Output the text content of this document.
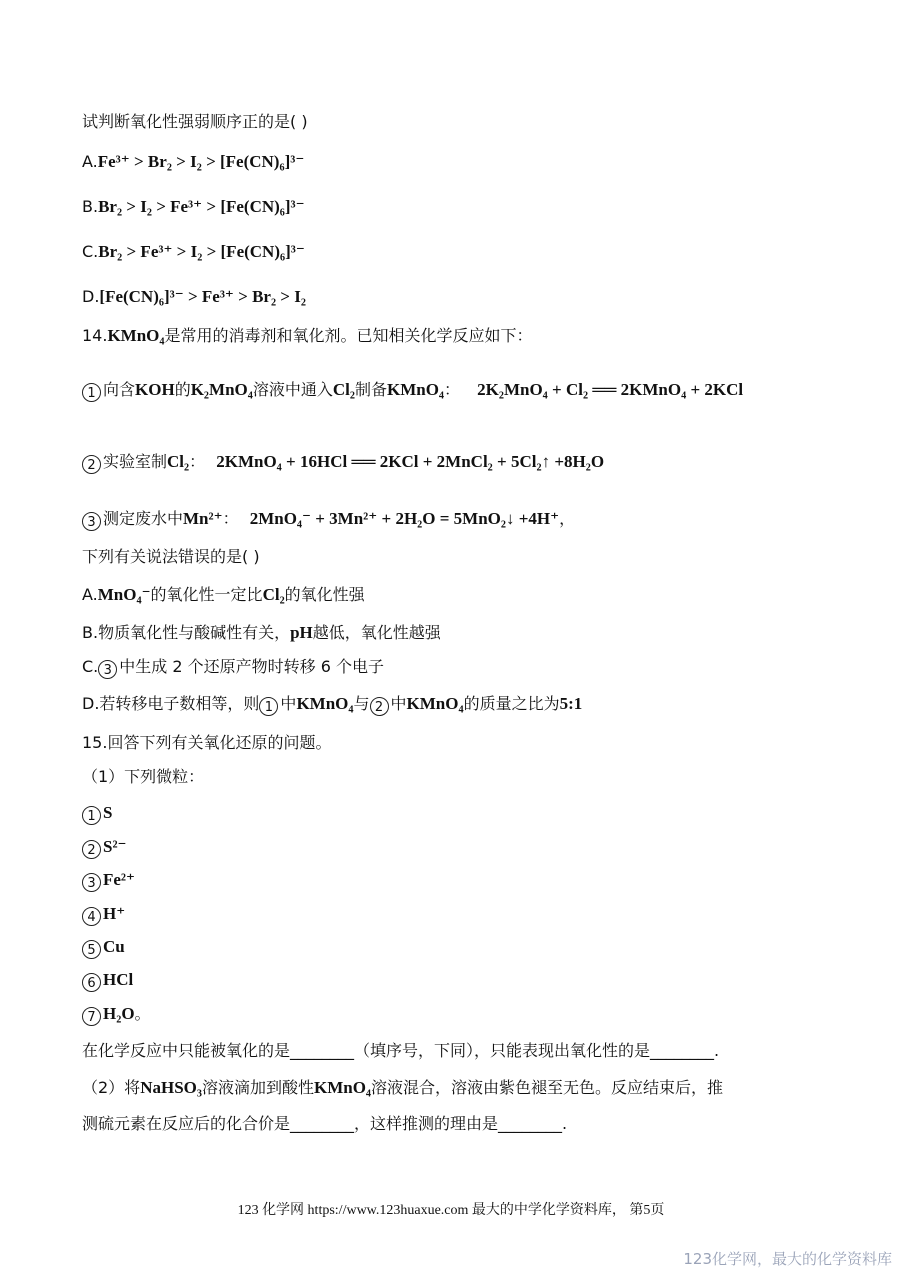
试判断氧化性强弱顺序正的是( )
A.Fe³⁺ > Br₂ > I₂ > [Fe(CN)₆]³⁻
B.Br₂ > I₂ > Fe³⁺ > [Fe(CN)₆]³⁻
C.Br₂ > Fe³⁺ > I₂ > [Fe(CN)₆]³⁻
D.[Fe(CN)₆]³⁻ > Fe³⁺ > Br₂ > I₂
14.KMnO₄是常用的消毒剂和氧化剂。已知相关化学反应如下：
1 向含KOH的K₂MnO₄溶液中通入Cl₂制备KMnO₄： 2K₂MnO₄ + Cl₂ ══ 2KMnO₄ + 2KCl
2 实验室制Cl₂： 2KMnO₄ + 16HCl ══ 2KCl + 2MnCl₂ + 5Cl₂↑ +8H₂O
3 测定废水中Mn²⁺： 2MnO₄⁻ + 3Mn²⁺ + 2H₂O = 5MnO₂↓ +4H⁺，
下列有关说法错误的是( )
A.MnO₄⁻的氧化性一定比Cl₂的氧化性强
B.物质氧化性与酸碱性有关，pH越低，氧化性越强
C. 3 中生成 2 个还原产物时转移 6 个电子
D.若转移电子数相等，则 1 中KMnO₄与 2 中KMnO₄的质量之比为5:1
15.回答下列有关氧化还原的问题。
（1）下列微粒：
1 S
2 S²⁻
3 Fe²⁺
4 H⁺
5 Cu
6 HCl
7 H₂O。
在化学反应中只能被氧化的是________（填序号，下同），只能表现出氧化性的是________.
（2）将NaHSO₃溶液滴加到酸性KMnO₄溶液混合，溶液由紫色褪至无色。反应结束后，推
测硫元素在反应后的化合价是________，这样推测的理由是________.
123 化学网 https://www.123huaxue.com 最大的中学化学资料库， 第5页
123化学网，最大的化学资料库
